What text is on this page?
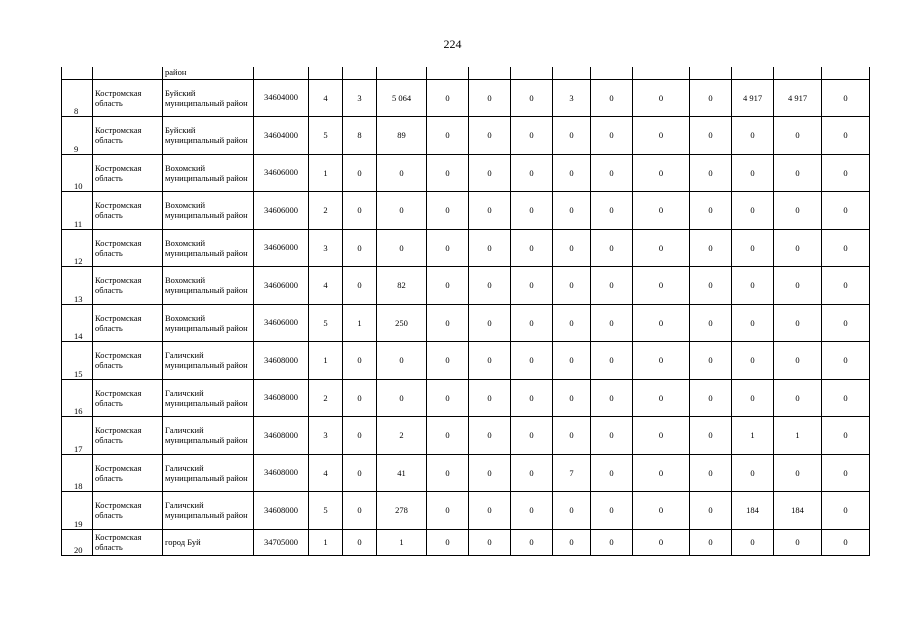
224
		район														
8	Костромская область	Буйский муниципальный район	34604000	4	3	5 064	0	0	0	3	0	0	0	4 917	4 917	0
9	Костромская область	Буйский муниципальный район	34604000	5	8	89	0	0	0	0	0	0	0	0	0	0
10	Костромская область	Вохомский муниципальный район	34606000	1	0	0	0	0	0	0	0	0	0	0	0	0
11	Костромская область	Вохомский муниципальный район	34606000	2	0	0	0	0	0	0	0	0	0	0	0	0
12	Костромская область	Вохомский муниципальный район	34606000	3	0	0	0	0	0	0	0	0	0	0	0	0
13	Костромская область	Вохомский муниципальный район	34606000	4	0	82	0	0	0	0	0	0	0	0	0	0
14	Костромская область	Вохомский муниципальный район	34606000	5	1	250	0	0	0	0	0	0	0	0	0	0
15	Костромская область	Галичский муниципальный район	34608000	1	0	0	0	0	0	0	0	0	0	0	0	0
16	Костромская область	Галичский муниципальный район	34608000	2	0	0	0	0	0	0	0	0	0	0	0	0
17	Костромская область	Галичский муниципальный район	34608000	3	0	2	0	0	0	0	0	0	0	1	1	0
18	Костромская область	Галичский муниципальный район	34608000	4	0	41	0	0	0	7	0	0	0	0	0	0
19	Костромская область	Галичский муниципальный район	34608000	5	0	278	0	0	0	0	0	0	0	184	184	0
20	Костромская область	город Буй	34705000	1	0	1	0	0	0	0	0	0	0	0	0	0
